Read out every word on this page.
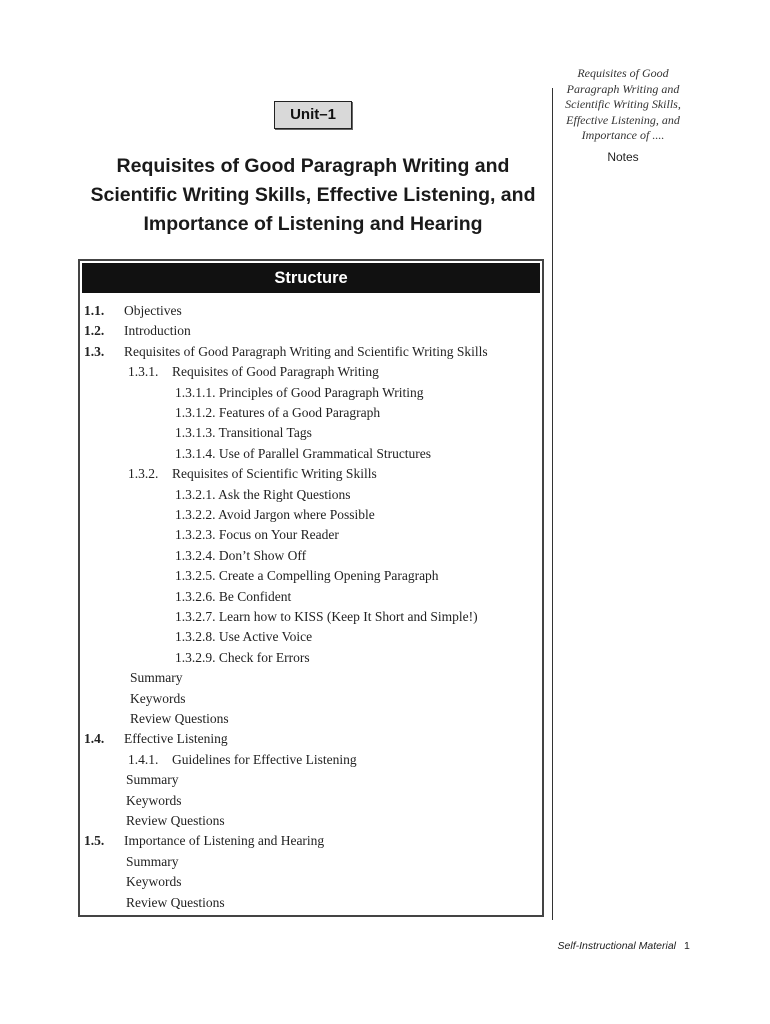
Requisites of Good
Paragraph Writing and
Scientific Writing Skills,
Effective Listening, and
Importance of ....
Notes
Unit–1
Requisites of Good Paragraph Writing and
Scientific Writing Skills, Effective Listening, and
Importance of Listening and Hearing
Structure
1.1. Objectives
1.2. Introduction
1.3. Requisites of Good Paragraph Writing and Scientific Writing Skills
1.3.1. Requisites of Good Paragraph Writing
1.3.1.1. Principles of Good Paragraph Writing
1.3.1.2. Features of a Good Paragraph
1.3.1.3. Transitional Tags
1.3.1.4. Use of Parallel Grammatical Structures
1.3.2. Requisites of Scientific Writing Skills
1.3.2.1. Ask the Right Questions
1.3.2.2. Avoid Jargon where Possible
1.3.2.3. Focus on Your Reader
1.3.2.4. Don’t Show Off
1.3.2.5. Create a Compelling Opening Paragraph
1.3.2.6. Be Confident
1.3.2.7. Learn how to KISS (Keep It Short and Simple!)
1.3.2.8. Use Active Voice
1.3.2.9. Check for Errors
Summary
Keywords
Review Questions
1.4. Effective Listening
1.4.1. Guidelines for Effective Listening
Summary
Keywords
Review Questions
1.5. Importance of Listening and Hearing
Summary
Keywords
Review Questions
Self-Instructional Material 1
